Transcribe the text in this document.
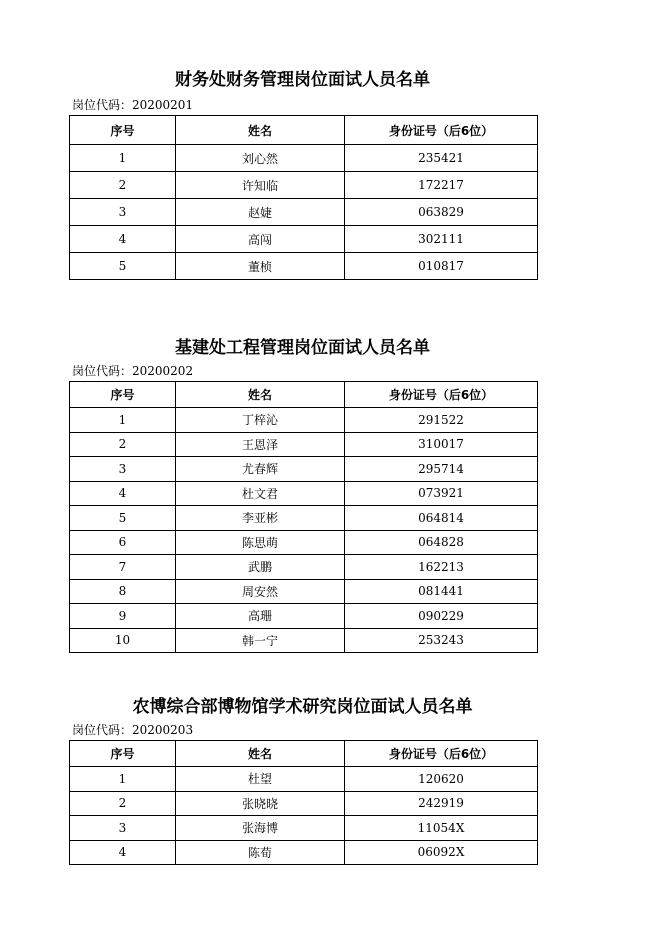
财务处财务管理岗位面试人员名单
岗位代码：20200201
序号	姓名	身份证号（后6位）
1	刘心然	235421
2	许知临	172217
3	赵婕	063829
4	高闯	302111
5	董桢	010817
基建处工程管理岗位面试人员名单
岗位代码：20200202
序号	姓名	身份证号（后6位）
1	丁梓沁	291522
2	王恩泽	310017
3	尤春辉	295714
4	杜文君	073921
5	李亚彬	064814
6	陈思萌	064828
7	武鹏	162213
8	周安然	081441
9	高珊	090229
10	韩一宁	253243
农博综合部博物馆学术研究岗位面试人员名单
岗位代码：20200203
序号	姓名	身份证号（后6位）
1	杜望	120620
2	张晓晓	242919
3	张海博	11054X
4	陈荀	06092X
